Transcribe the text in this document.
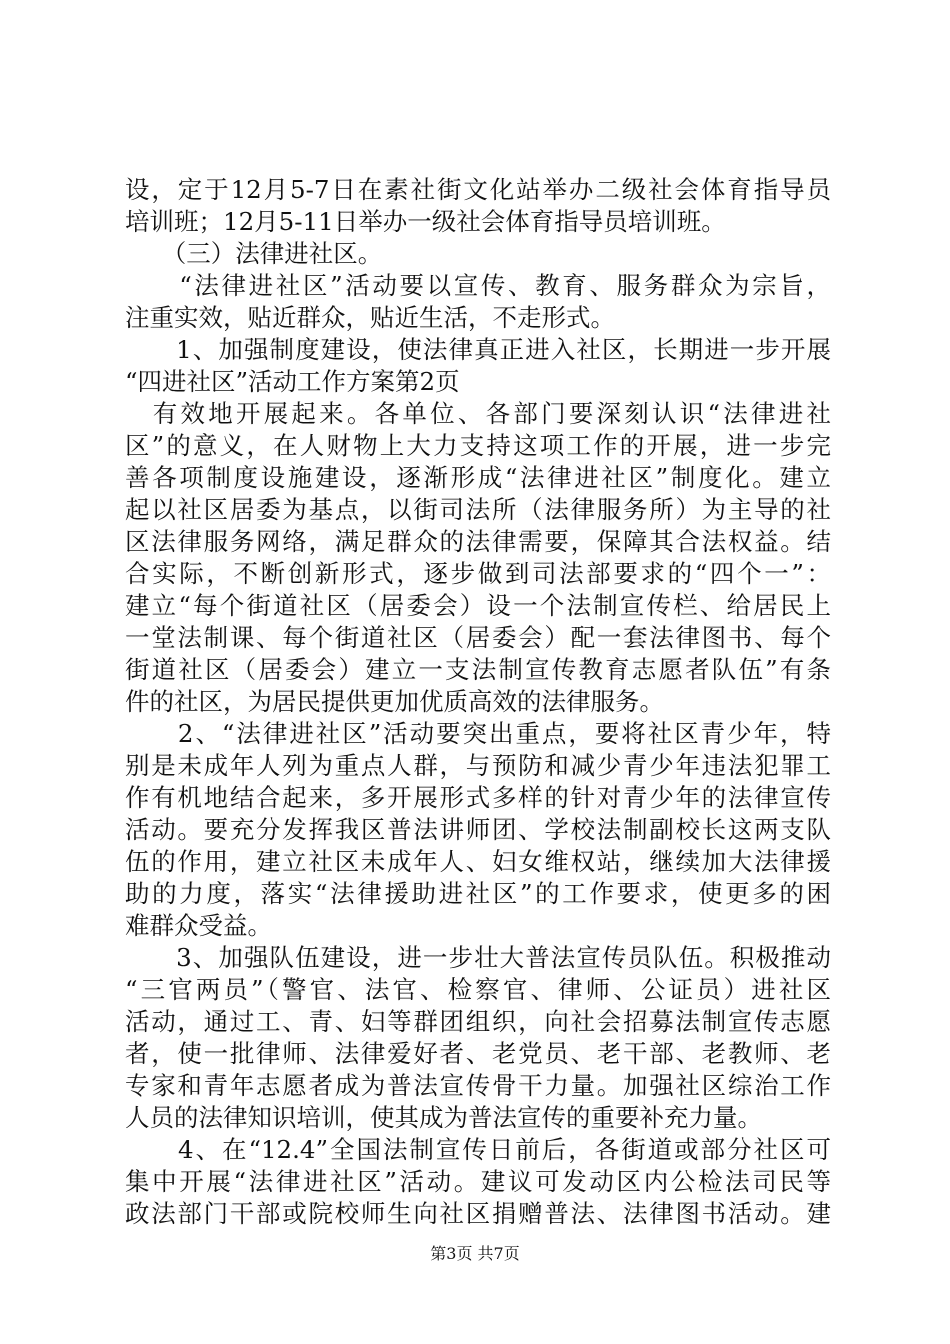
设，定于12月5-7日在素社街文化站举办二级社会体育指导员
培训班；12月5-11日举办一级社会体育指导员培训班。
　　（三）法律进社区。
　　“法律进社区”活动要以宣传、教育、服务群众为宗旨，
注重实效，贴近群众，贴近生活，不走形式。
　　1、加强制度建设，使法律真正进入社区，长期进一步开展
“四进社区”活动工作方案第2页
　有效地开展起来。各单位、各部门要深刻认识“法律进社
区”的意义，在人财物上大力支持这项工作的开展，进一步完
善各项制度设施建设，逐渐形成“法律进社区”制度化。建立
起以社区居委为基点，以街司法所（法律服务所）为主导的社
区法律服务网络，满足群众的法律需要，保障其合法权益。结
合实际，不断创新形式，逐步做到司法部要求的“四个一”：
建立“每个街道社区（居委会）设一个法制宣传栏、给居民上
一堂法制课、每个街道社区（居委会）配一套法律图书、每个
街道社区（居委会）建立一支法制宣传教育志愿者队伍”有条
件的社区，为居民提供更加优质高效的法律服务。
　　2、“法律进社区”活动要突出重点，要将社区青少年，特
别是未成年人列为重点人群，与预防和减少青少年违法犯罪工
作有机地结合起来，多开展形式多样的针对青少年的法律宣传
活动。要充分发挥我区普法讲师团、学校法制副校长这两支队
伍的作用，建立社区未成年人、妇女维权站，继续加大法律援
助的力度，落实“法律援助进社区”的工作要求，使更多的困
难群众受益。
　　3、加强队伍建设，进一步壮大普法宣传员队伍。积极推动
“三官两员”（警官、法官、检察官、律师、公证员）进社区
活动，通过工、青、妇等群团组织，向社会招募法制宣传志愿
者，使一批律师、法律爱好者、老党员、老干部、老教师、老
专家和青年志愿者成为普法宣传骨干力量。加强社区综治工作
人员的法律知识培训，使其成为普法宣传的重要补充力量。
　　4、在“12.4”全国法制宣传日前后，各街道或部分社区可
集中开展“法律进社区”活动。建议可发动区内公检法司民等
政法部门干部或院校师生向社区捐赠普法、法律图书活动。建
第3页 共7页
